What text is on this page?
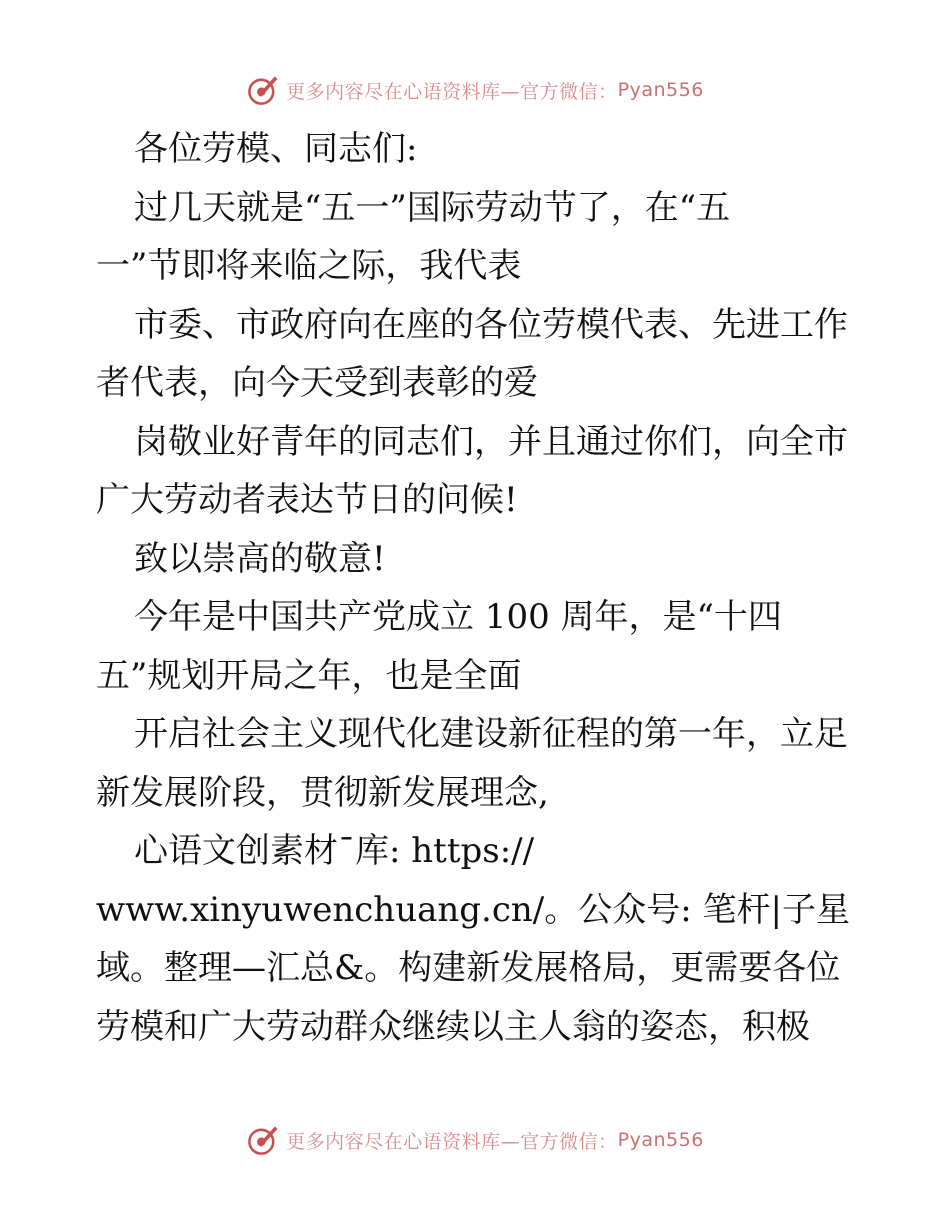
更多内容尽在心语资料库—官方微信： Pyan556
各位劳模、同志们:
过几天就是“五一”国际劳动节了，在“五
一”节即将来临之际，我代表
市委、市政府向在座的各位劳模代表、先进工作
者代表，向今天受到表彰的爱
岗敬业好青年的同志们，并且通过你们，向全市
广大劳动者表达节日的问候!
致以崇高的敬意!
今年是中国共产党成立 100 周年，是“十四
五”规划开局之年，也是全面
开启社会主义现代化建设新征程的第一年，立足
新发展阶段，贯彻新发展理念,
心语文创素材¯库: https://
www.xinyuwenchuang.cn/。公众号: 笔杆|子星
域。整理—汇总&。构建新发展格局，更需要各位
劳模和广大劳动群众继续以主人翁的姿态，积极
更多内容尽在心语资料库—官方微信： Pyan556
